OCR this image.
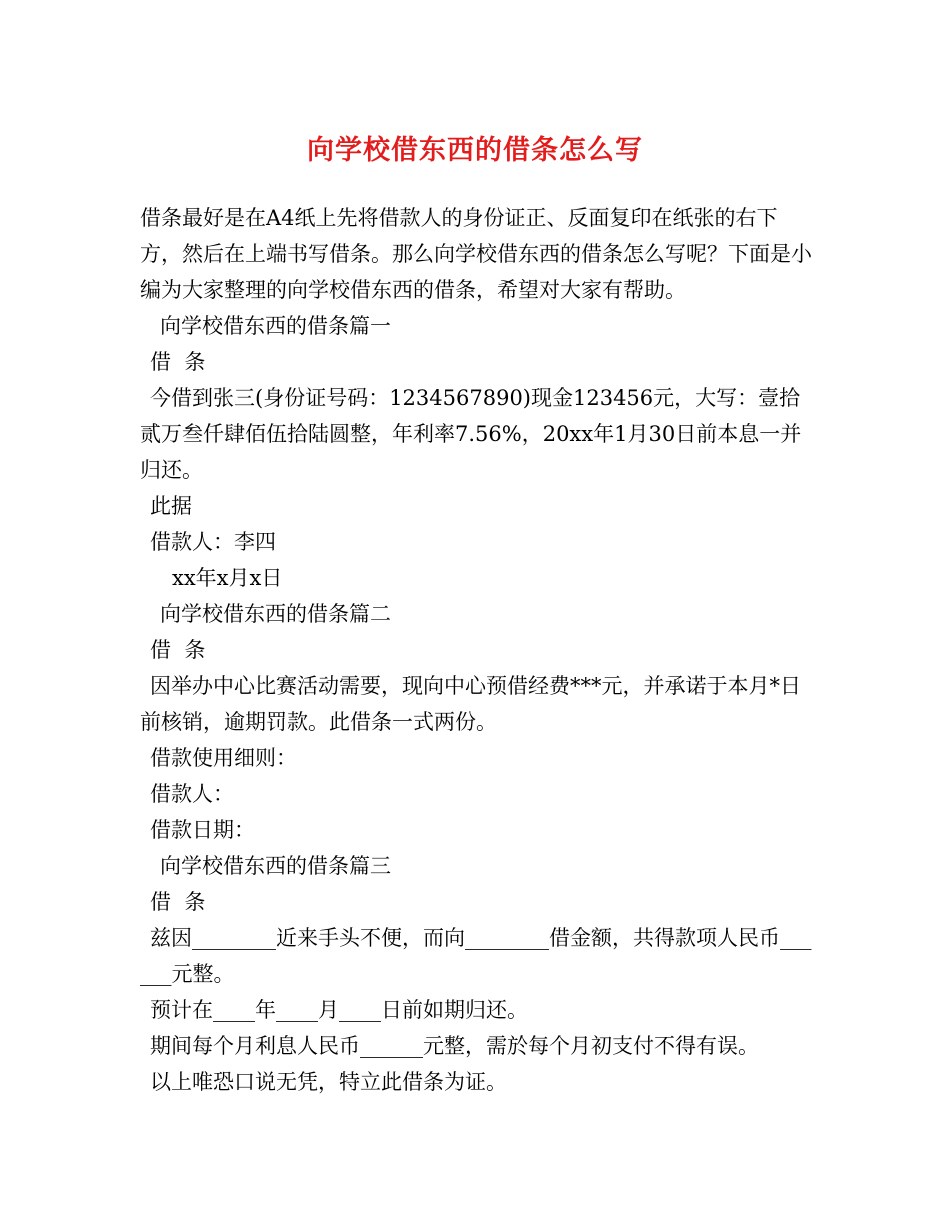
向学校借东西的借条怎么写

借条最好是在A4纸上先将借款人的身份证正、反面复印在纸张的右下方，然后在上端书写借条。那么向学校借东西的借条怎么写呢？下面是小编为大家整理的向学校借东西的借条，希望对大家有帮助。

向学校借东西的借条篇一

借  条

今借到张三(身份证号码：1234567890)现金123456元，大写：壹拾贰万叁仟肆佰伍拾陆圆整，年利率7.56%，20xx年1月30日前本息一并归还。

此据

借款人：李四

xx年x月x日

向学校借东西的借条篇二

借  条

因举办中心比赛活动需要，现向中心预借经费***元，并承诺于本月*日前核销，逾期罚款。此借条一式两份。

借款使用细则：

借款人：

借款日期：

向学校借东西的借条篇三

借  条

兹因________近来手头不便，而向________借金额，共得款项人民币______元整。

预计在____年____月____日前如期归还。

期间每个月利息人民币______元整，需於每个月初支付不得有误。

以上唯恐口说无凭，特立此借条为证。
